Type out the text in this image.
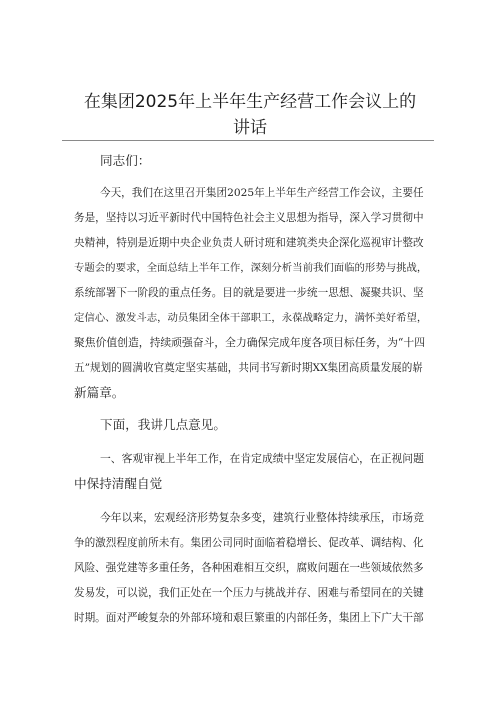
在集团2025年上半年生产经营工作会议上的
讲话
同志们：
今天，我们在这里召开集团2025年上半年生产经营工作会议，主要任
务是，坚持以习近平新时代中国特色社会主义思想为指导，深入学习贯彻中
央精神，特别是近期中央企业负责人研讨班和建筑类央企深化巡视审计整改
专题会的要求，全面总结上半年工作，深刻分析当前我们面临的形势与挑战，
系统部署下一阶段的重点任务。目的就是要进一步统一思想、凝聚共识、坚
定信心、激发斗志，动员集团全体干部职工，永葆战略定力，满怀美好希望，
聚焦价值创造，持续顽强奋斗，全力确保完成年度各项目标任务，为“十四
五”规划的圆满收官奠定坚实基础，共同书写新时期XX集团高质量发展的崭
新篇章。
下面，我讲几点意见。
一、客观审视上半年工作，在肯定成绩中坚定发展信心，在正视问题
中保持清醒自觉
今年以来，宏观经济形势复杂多变，建筑行业整体持续承压，市场竞
争的激烈程度前所未有。集团公司同时面临着稳增长、促改革、调结构、化
风险、强党建等多重任务，各种困难相互交织，腐败问题在一些领域依然多
发易发，可以说，我们正处在一个压力与挑战并存、困难与希望同在的关键
时期。面对严峻复杂的外部环境和艰巨繁重的内部任务，集团上下广大干部
